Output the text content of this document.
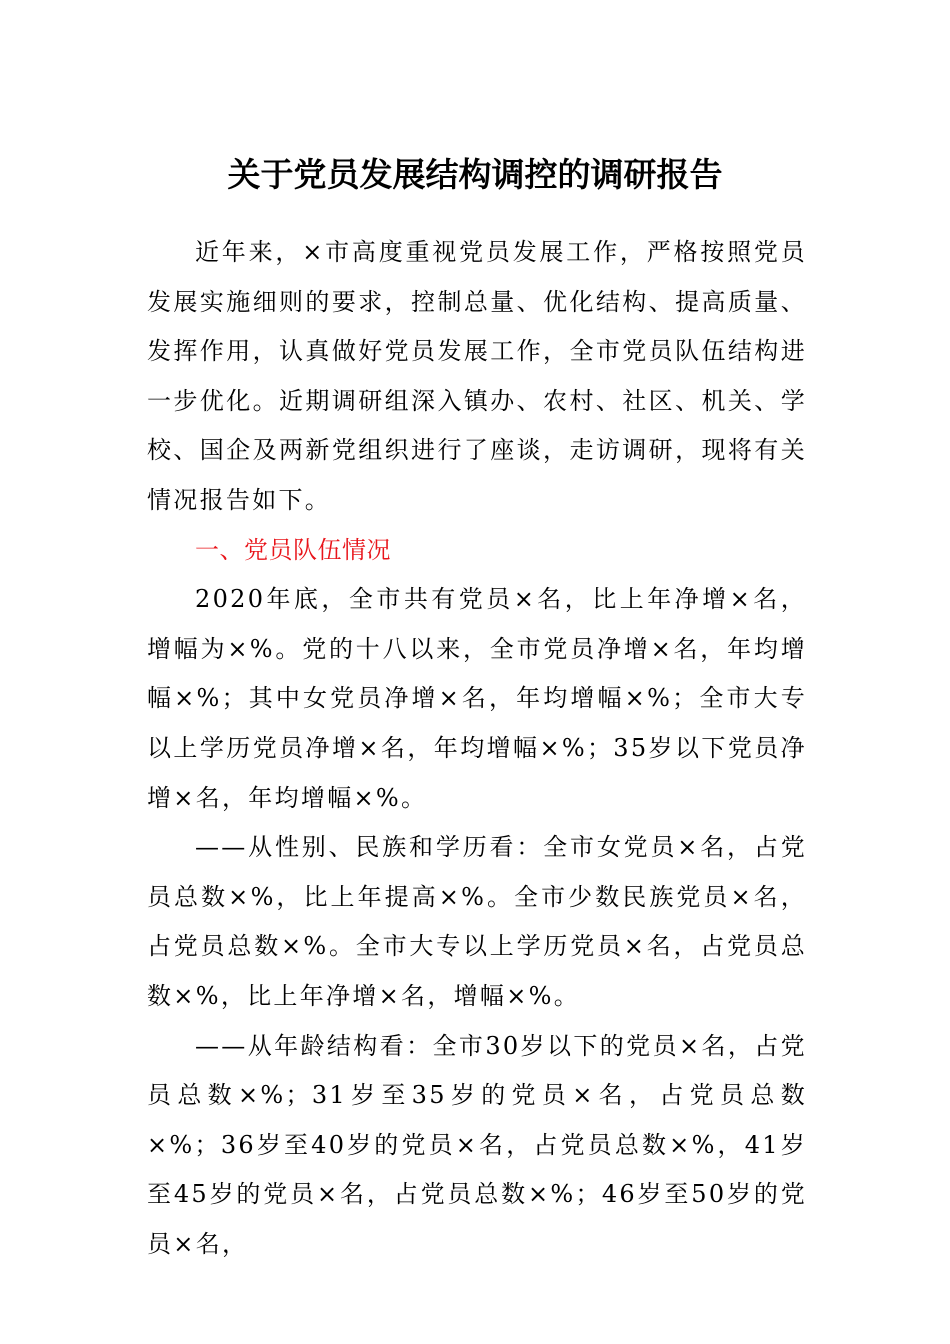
关于党员发展结构调控的调研报告

近年来，×市高度重视党员发展工作，严格按照党员发展实施细则的要求，控制总量、优化结构、提高质量、发挥作用，认真做好党员发展工作，全市党员队伍结构进一步优化。近期调研组深入镇办、农村、社区、机关、学校、国企及两新党组织进行了座谈，走访调研，现将有关情况报告如下。

一、党员队伍情况

2020年底，全市共有党员×名，比上年净增×名，增幅为×%。党的十八以来，全市党员净增×名，年均增幅×%；其中女党员净增×名，年均增幅×%；全市大专以上学历党员净增×名，年均增幅×%；35岁以下党员净增×名，年均增幅×%。

——从性别、民族和学历看：全市女党员×名，占党员总数×%，比上年提高×%。全市少数民族党员×名，占党员总数×%。全市大专以上学历党员×名，占党员总数×%，比上年净增×名，增幅×%。

——从年龄结构看：全市30岁以下的党员×名，占党员总数×%；31岁至35岁的党员×名，占党员总数×%；36岁至40岁的党员×名，占党员总数×%，41岁至45岁的党员×名，占党员总数×%；46岁至50岁的党员×名，
